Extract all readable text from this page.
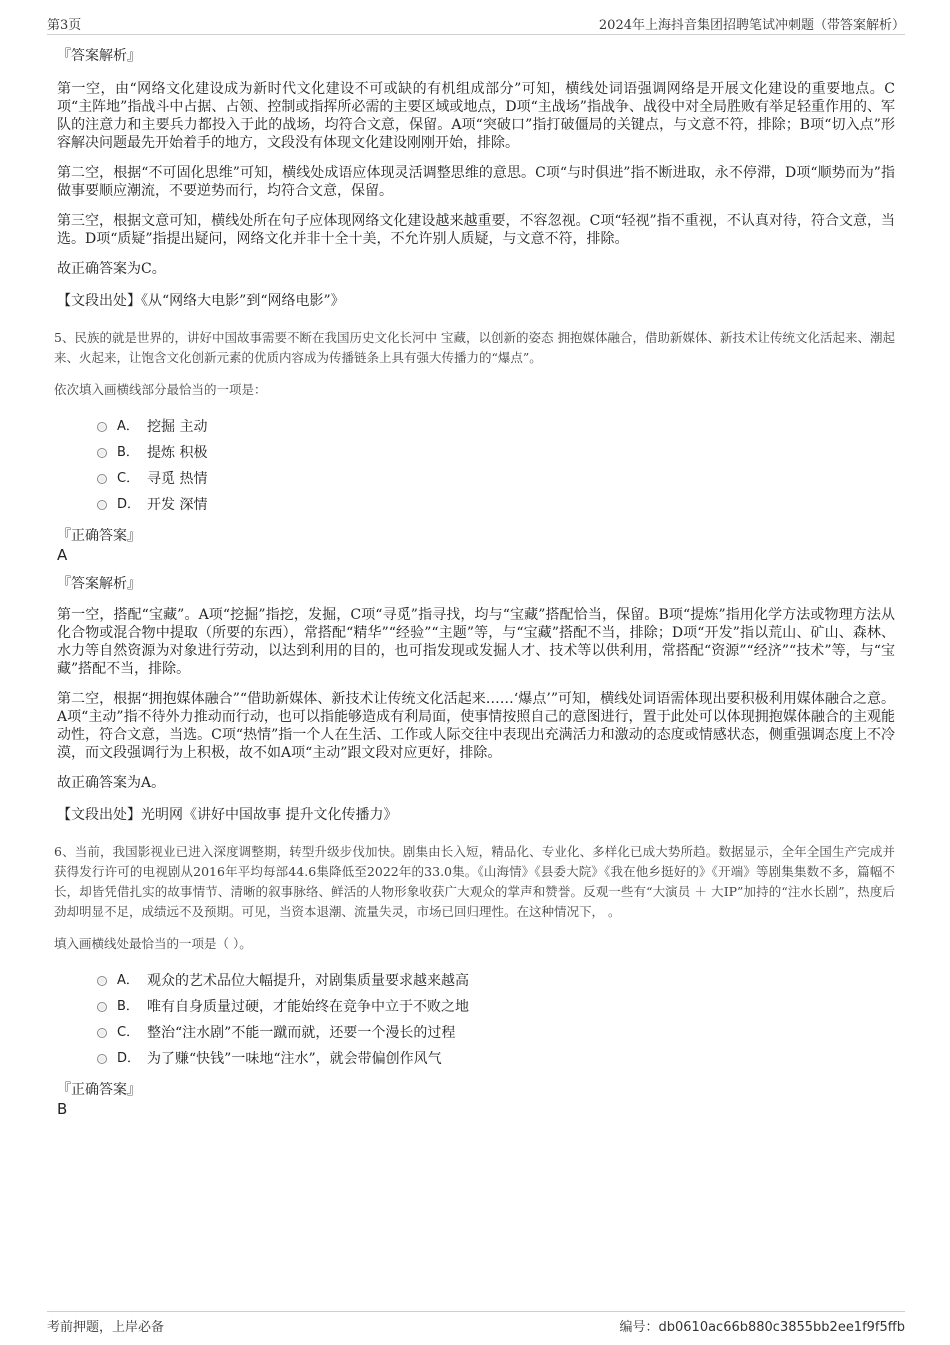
第3页	2024年上海抖音集团招聘笔试冲刺题（带答案解析）
『答案解析』

第一空，由“网络文化建设成为新时代文化建设不可或缺的有机组成部分”可知，横线处词语强调网络是开展文化建设的重要地点。C项“主阵地”指战斗中占据、占领、控制或指挥所必需的主要区域或地点，D项“主战场”指战争、战役中对全局胜败有举足轻重作用的、军队的注意力和主要兵力都投入于此的战场，均符合文意，保留。A项“突破口”指打破僵局的关键点，与文意不符，排除；B项“切入点”形容解决问题最先开始着手的地方，文段没有体现文化建设刚刚开始，排除。

第二空，根据“不可固化思维”可知，横线处成语应体现灵活调整思维的意思。C项“与时俱进”指不断进取，永不停滞，D项“顺势而为”指做事要顺应潮流，不要逆势而行，均符合文意，保留。

第三空，根据文意可知，横线处所在句子应体现网络文化建设越来越重要，不容忽视。C项“轻视”指不重视，不认真对待，符合文意，当选。D项“质疑”指提出疑问，网络文化并非十全十美，不允许别人质疑，与文意不符，排除。

故正确答案为C。

【文段出处】《从“网络大电影”到“网络电影”》

5、民族的就是世界的，讲好中国故事需要不断在我国历史文化长河中 宝藏，以创新的姿态 拥抱媒体融合，借助新媒体、新技术让传统文化活起来、潮起来、火起来，让饱含文化创新元素的优质内容成为传播链条上具有强大传播力的“爆点”。

依次填入画横线部分最恰当的一项是：
A． 挖掘 主动
B． 提炼 积极
C． 寻觅 热情
D． 开发 深情
『正确答案』
A
『答案解析』

第一空，搭配“宝藏”。A项“挖掘”指挖，发掘，C项“寻觅”指寻找，均与“宝藏”搭配恰当，保留。B项“提炼”指用化学方法或物理方法从化合物或混合物中提取（所要的东西），常搭配“精华”“经验”“主题”等，与“宝藏”搭配不当，排除；D项“开发”指以荒山、矿山、森林、水力等自然资源为对象进行劳动，以达到利用的目的，也可指发现或发掘人才、技术等以供利用，常搭配“资源”“经济”“技术”等，与“宝藏”搭配不当，排除。

第二空，根据“拥抱媒体融合”“借助新媒体、新技术让传统文化活起来……‘爆点’”可知，横线处词语需体现出要积极利用媒体融合之意。A项“主动”指不待外力推动而行动，也可以指能够造成有利局面，使事情按照自己的意图进行，置于此处可以体现拥抱媒体融合的主观能动性，符合文意，当选。C项“热情”指一个人在生活、工作或人际交往中表现出充满活力和激动的态度或情感状态，侧重强调态度上不冷漠，而文段强调行为上积极，故不如A项“主动”跟文段对应更好，排除。

故正确答案为A。

【文段出处】光明网《讲好中国故事 提升文化传播力》

6、当前，我国影视业已进入深度调整期，转型升级步伐加快。剧集由长入短，精品化、专业化、多样化已成大势所趋。数据显示，全年全国生产完成并获得发行许可的电视剧从2016年平均每部44.6集降低至2022年的33.0集。《山海情》《县委大院》《我在他乡挺好的》《开端》等剧集集数不多，篇幅不长，却皆凭借扎实的故事情节、清晰的叙事脉络、鲜活的人物形象收获广大观众的掌声和赞誉。反观一些有“大演员 ＋ 大IP”加持的“注水长剧”，热度后劲却明显不足，成绩远不及预期。可见，当资本退潮、流量失灵，市场已回归理性。在这种情况下， 。

填入画横线处最恰当的一项是（ ）。
A． 观众的艺术品位大幅提升，对剧集质量要求越来越高
B． 唯有自身质量过硬，才能始终在竞争中立于不败之地
C． 整治“注水剧”不能一蹴而就，还要一个漫长的过程
D． 为了赚“快钱”一味地“注水”，就会带偏创作风气
『正确答案』
B
考前押题，上岸必备	编号：db0610ac66b880c3855bb2ee1f9f5ffb
